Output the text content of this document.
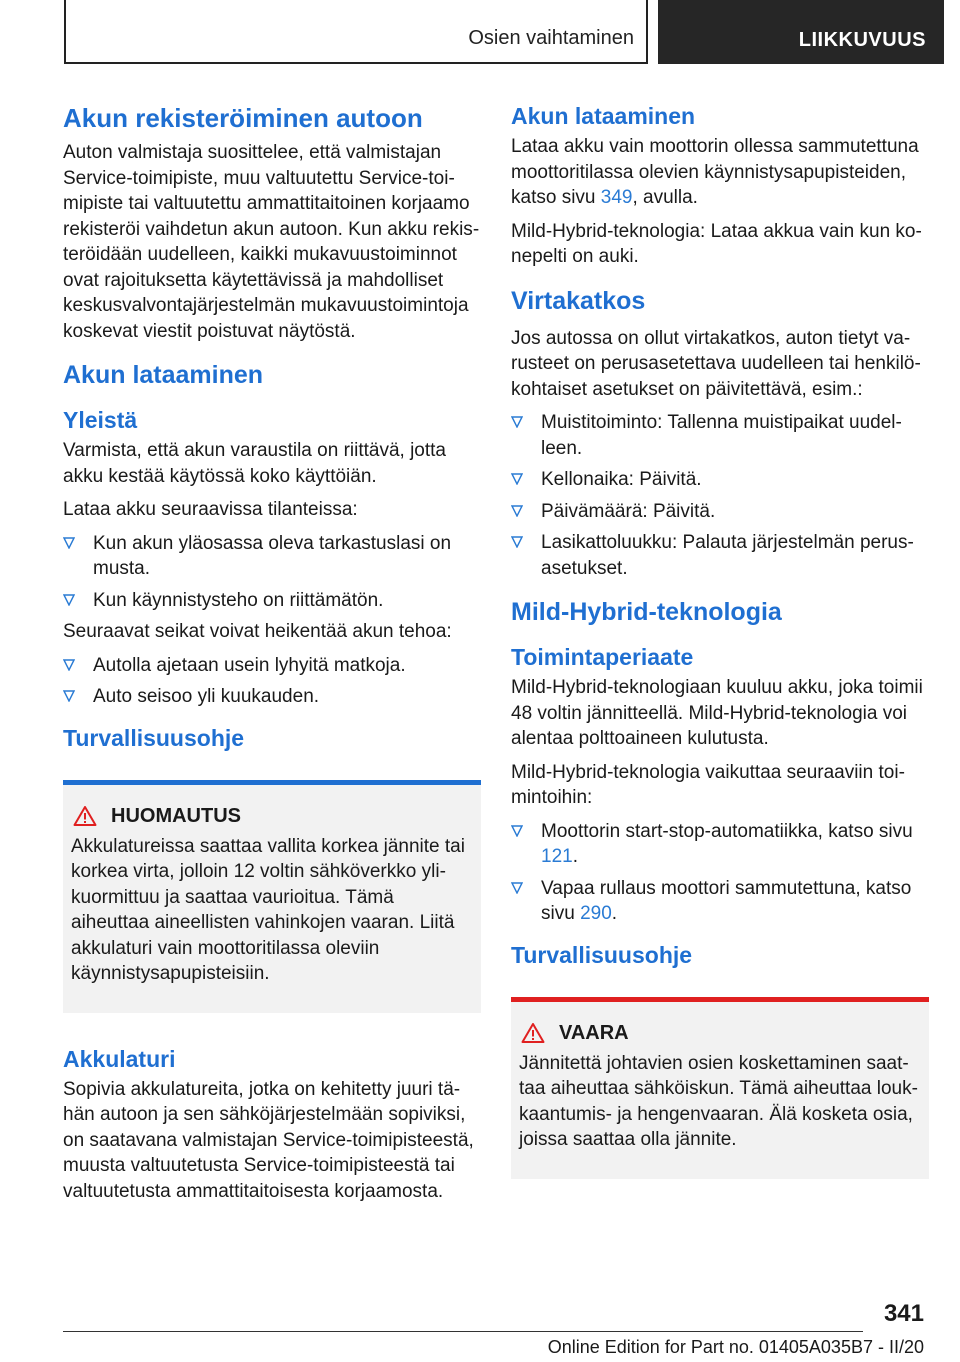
Osien vaihtaminen	LIIKKUVUUS
Akun rekisteröiminen autoon

Auton valmistaja suosittelee, että valmistajan Service-toimipiste, muu valtuutettu Service-toimipiste tai valtuutettu ammattitaitoinen korjaamo rekisteröi vaihdetun akun autoon. Kun akku rekisteröidään uudelleen, kaikki mukavuustoiminnot ovat rajoituksetta käytettävissä ja mahdolliset keskusvalvontajärjestelmän mukavuustoimintoja koskevat viestit poistuvat näytöstä.

Akun lataaminen
Yleistä

Varmista, että akun varaustila on riittävä, jotta akku kestää käytössä koko käyttöiän.

Lataa akku seuraavissa tilanteissa:

Kun akun yläosassa oleva tarkastuslasi on musta.
Kun käynnistysteho on riittämätön.

Seuraavat seikat voivat heikentää akun tehoa:

Autolla ajetaan usein lyhyitä matkoja.
Auto seisoo yli kuukauden.
Turvallisuusohje
HUOMAUTUS

Akkulatureissa saattaa vallita korkea jännite tai korkea virta, jolloin 12 voltin sähköverkko ylikuormittuu ja saattaa vaurioitua. Tämä aiheuttaa aineellisten vahinkojen vaaran. Liitä akkulaturi vain moottoritilassa oleviin käynnistysapupisteisiin.

Akkulaturi

Sopivia akkulatureita, jotka on kehitetty juuri tähän autoon ja sen sähköjärjestelmään sopiviksi, on saatavana valmistajan Service-toimipisteestä, muusta valtuutetusta Service-toimipisteestä tai valtuutetusta ammattitaitoisesta korjaamosta.

Akun lataaminen

Lataa akku vain moottorin ollessa sammutettuna moottoritilassa olevien käynnistysapupisteiden, katso sivu 349, avulla.

Mild-Hybrid-teknologia: Lataa akkua vain kun konepelti on auki.

Virtakatkos

Jos autossa on ollut virtakatkos, auton tietyt varusteet on perusasetettava uudelleen tai henkilökohtaiset asetukset on päivitettävä, esim.:

Muistitoiminto: Tallenna muistipaikat uudelleen.
Kellonaika: Päivitä.
Päivämäärä: Päivitä.
Lasikattoluukku: Palauta järjestelmän perusasetukset.
Mild-Hybrid-teknologia
Toimintaperiaate

Mild-Hybrid-teknologiaan kuuluu akku, joka toimii 48 voltin jännitteellä. Mild-Hybrid-teknologia voi alentaa polttoaineen kulutusta.

Mild-Hybrid-teknologia vaikuttaa seuraaviin toimintoihin:

Moottorin start-stop-automatiikka, katso sivu 121.
Vapaa rullaus moottori sammutettuna, katso sivu 290.
Turvallisuusohje
VAARA

Jännitettä johtavien osien koskettaminen saattaa aiheuttaa sähköiskun. Tämä aiheuttaa loukkaantumis- ja hengenvaaran. Älä kosketa osia, joissa saattaa olla jännite.

341
Online Edition for Part no. 01405A035B7 - II/20
